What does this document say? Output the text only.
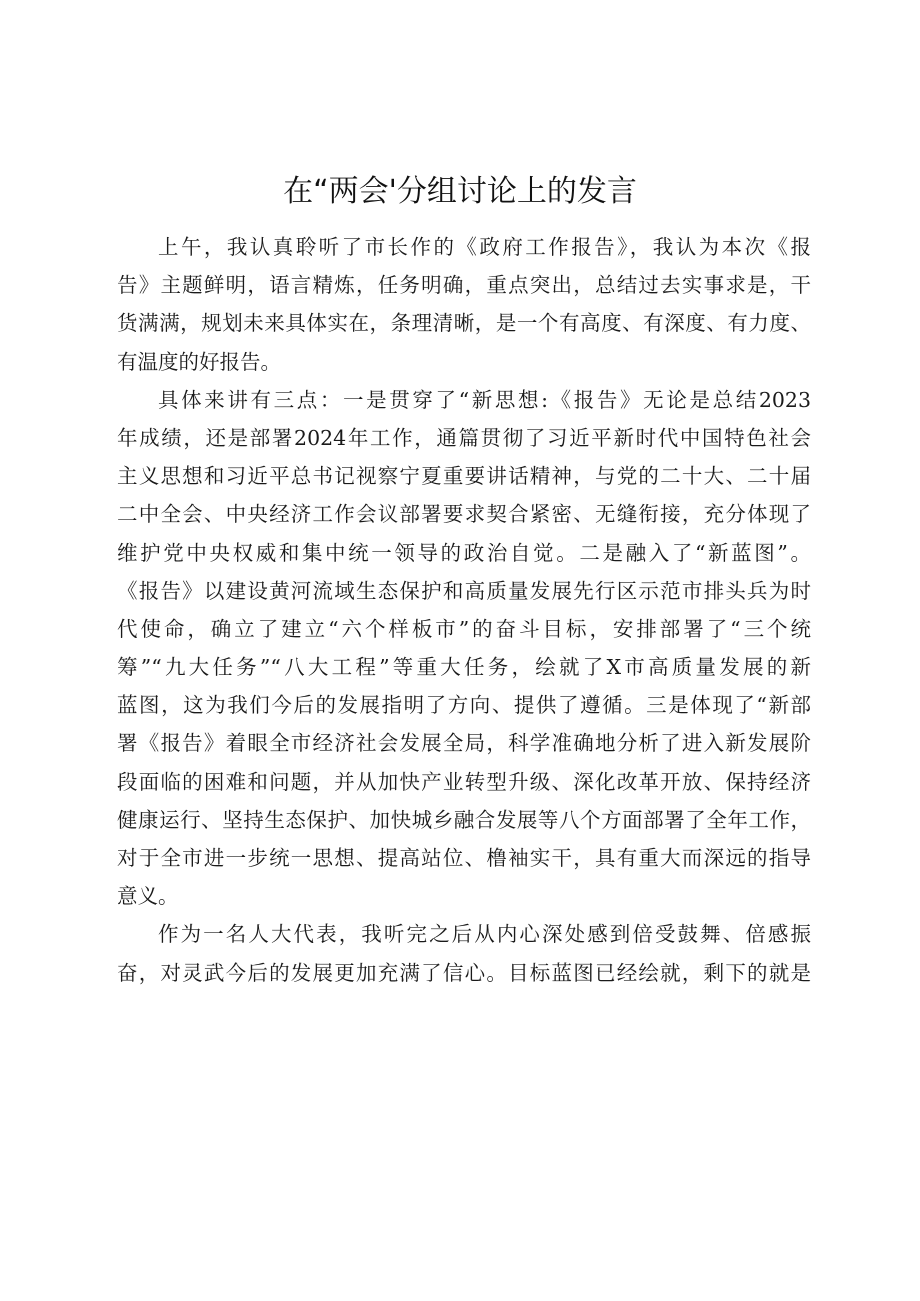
在“两会'分组讨论上的发言
上午，我认真聆听了市长作的《政府工作报告》，我认为本次《报
告》主题鲜明，语言精炼，任务明确，重点突出，总结过去实事求是，干
货满满，规划未来具体实在，条理清晰，是一个有高度、有深度、有力度、
有温度的好报告。
具体来讲有三点：一是贯穿了“新思想:《报告》无论是总结2023
年成绩，还是部署2024年工作，通篇贯彻了习近平新时代中国特色社会
主义思想和习近平总书记视察宁夏重要讲话精神，与党的二十大、二十届
二中全会、中央经济工作会议部署要求契合紧密、无缝衔接，充分体现了
维护党中央权威和集中统一领导的政治自觉。二是融入了“新蓝图”。
《报告》以建设黄河流域生态保护和高质量发展先行区示范市排头兵为时
代使命，确立了建立“六个样板市”的奋斗目标，安排部署了“三个统
筹”“九大任务”“八大工程”等重大任务，绘就了X市高质量发展的新
蓝图，这为我们今后的发展指明了方向、提供了遵循。三是体现了“新部
署《报告》着眼全市经济社会发展全局，科学准确地分析了进入新发展阶
段面临的困难和问题，并从加快产业转型升级、深化改革开放、保持经济
健康运行、坚持生态保护、加快城乡融合发展等八个方面部署了全年工作，
对于全市进一步统一思想、提高站位、橹袖实干，具有重大而深远的指导
意义。
作为一名人大代表，我听完之后从内心深处感到倍受鼓舞、倍感振
奋，对灵武今后的发展更加充满了信心。目标蓝图已经绘就，剩下的就是
